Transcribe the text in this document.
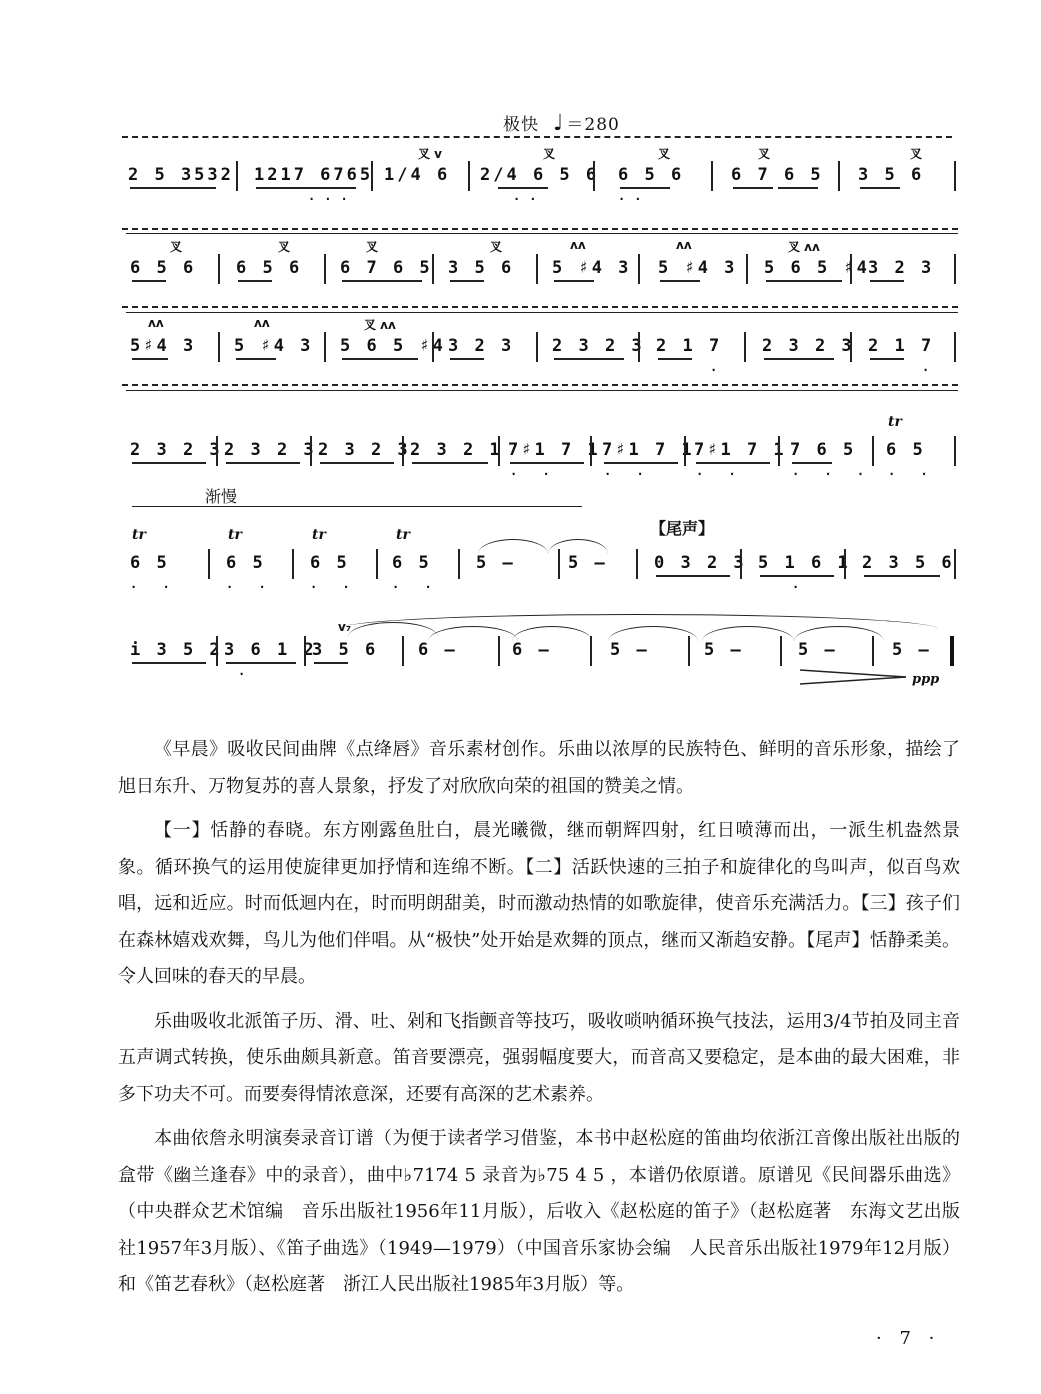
极快 ♩ ＝280
2 5 3532 1217 6765 1/4 6 2/4 6 5 6 6 5 6	6 7 6 5 3 5 6
...	..	..
叉 v	叉	叉	叉	叉
6 5 6 6 5 6 6 7 6 5 3 5 6 5 ♯4 3 5 ♯4 3 5 6 5 ♯4
3 2 3
叉	叉	叉	叉	ʌʌ	ʌʌ	叉 ʌʌ
5♯4 3 5 ♯4 3 5 6 5 ♯4 3 2 3 2 3 2 3 2 1 7 2 3 2 3 2 1 7
.	.
ʌʌ	ʌʌ	叉 ʌʌ
2 3 2 3 2 3 2 3 2 3 2 3 2 3 2 1 7♯1 7 1 7♯1 7 1 7♯1 7 1 7 6 5 6 5
. .	. .	. .	. . . . .
tr
渐慢
【尾声】
6 5	6 5	6 5 6 5	5 –	5 –	0 3 2 3 5 1 6 1 2 3 5 6
. .	. .	. .	. .	.
tr	tr	tr	tr
i 3 5 2 3 6 1 2
3 5 6 6 –	6 –	5 –	5 –	5 –	5 –
.
v₇
ppp

《早晨》吸收民间曲牌《点绛唇》音乐素材创作。乐曲以浓厚的民族特色、鲜明的音乐形象，描绘了旭日东升、万物复苏的喜人景象，抒发了对欣欣向荣的祖国的赞美之情。

【一】恬静的春晓。东方刚露鱼肚白，晨光曦微，继而朝辉四射，红日喷薄而出，一派生机盎然景象。循环换气的运用使旋律更加抒情和连绵不断。【二】活跃快速的三拍子和旋律化的鸟叫声，似百鸟欢唱，远和近应。时而低迴内在，时而明朗甜美，时而激动热情的如歌旋律，使音乐充满活力。【三】孩子们在森林嬉戏欢舞，鸟儿为他们伴唱。从“极快”处开始是欢舞的顶点，继而又渐趋安静。【尾声】恬静柔美。令人回味的春天的早晨。

乐曲吸收北派笛子历、滑、吐、剁和飞指颤音等技巧，吸收唢呐循环换气技法，运用3/4节拍及同主音五声调式转换，使乐曲颇具新意。笛音要漂亮，强弱幅度要大，而音高又要稳定，是本曲的最大困难，非多下功夫不可。而要奏得情浓意深，还要有高深的艺术素养。

本曲依詹永明演奏录音订谱（为便于读者学习借鉴，本书中赵松庭的笛曲均依浙江音像出版社出版的盒带《幽兰逢春》中的录音），曲中♭7174 5 录音为♭75 4 5 ，本谱仍依原谱。原谱见《民间器乐曲选》（中央群众艺术馆编　音乐出版社1956年11月版），后收入《赵松庭的笛子》（赵松庭著　东海文艺出版社1957年3月版）、《笛子曲选》（1949—1979）（中国音乐家协会编　人民音乐出版社1979年12月版）和《笛艺春秋》（赵松庭著　浙江人民出版社1985年3月版）等。

· 7 ·
